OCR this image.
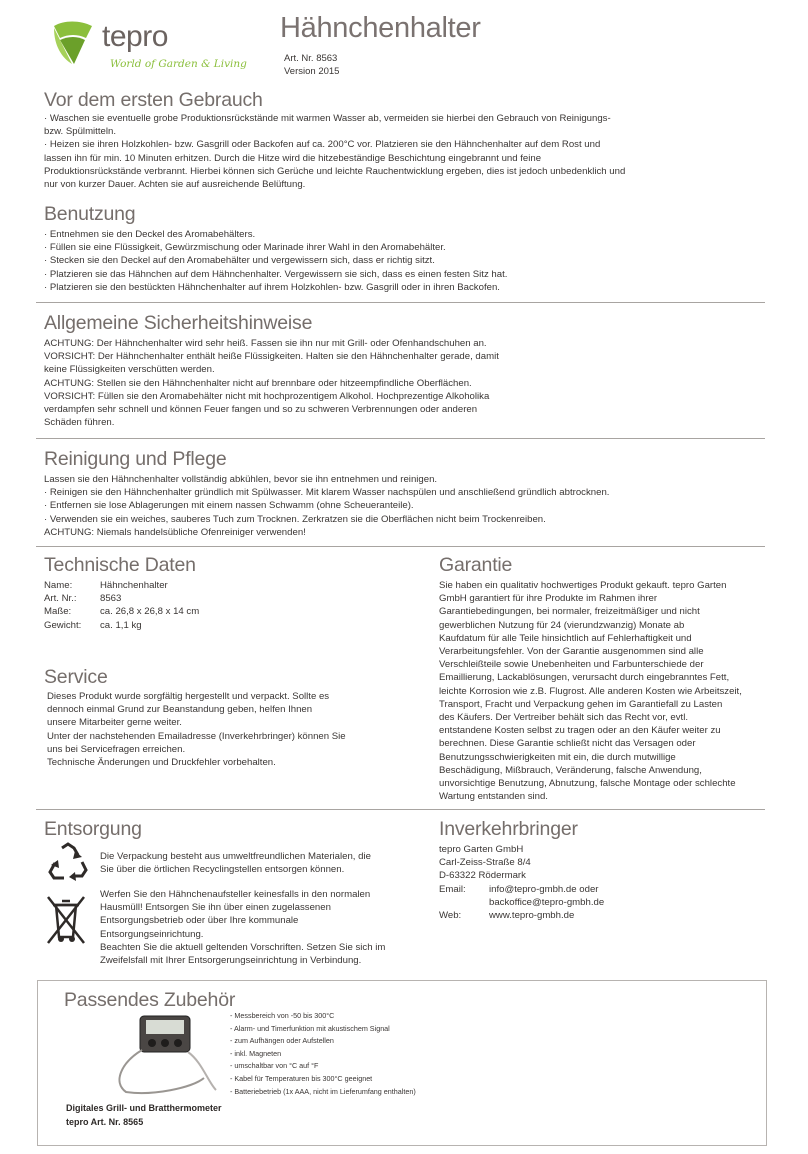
tepro
World of Garden & Living
Hähnchenhalter
Art. Nr. 8563
Version 2015
Vor dem ersten Gebrauch
· Waschen sie eventuelle grobe Produktionsrückstände mit warmen Wasser ab, vermeiden sie hierbei den Gebrauch von Reinigungs-
bzw. Spülmitteln.
· Heizen sie ihren Holzkohlen- bzw. Gasgrill oder Backofen auf ca. 200°C vor. Platzieren sie den Hähnchenhalter auf dem Rost und
lassen ihn für min. 10 Minuten erhitzen. Durch die Hitze wird die hitzebeständige Beschichtung eingebrannt und feine
Produktionsrückstände verbrannt. Hierbei können sich Gerüche und leichte Rauchentwicklung ergeben, dies ist jedoch unbedenklich und
nur von kurzer Dauer. Achten sie auf ausreichende Belüftung.
Benutzung
· Entnehmen sie den Deckel des Aromabehälters.
· Füllen sie eine Flüssigkeit, Gewürzmischung oder Marinade ihrer Wahl in den Aromabehälter.
· Stecken sie den Deckel auf den Aromabehälter und vergewissern sich, dass er richtig sitzt.
· Platzieren sie das Hähnchen auf dem Hähnchenhalter. Vergewissern sie sich, dass es einen festen Sitz hat.
· Platzieren sie den bestückten Hähnchenhalter auf ihrem Holzkohlen- bzw. Gasgrill oder in ihren Backofen.
Allgemeine Sicherheitshinweise
ACHTUNG: Der Hähnchenhalter wird sehr heiß. Fassen sie ihn nur mit Grill- oder Ofenhandschuhen an.
VORSICHT: Der Hähnchenhalter enthält heiße Flüssigkeiten. Halten sie den Hähnchenhalter gerade, damit
keine Flüssigkeiten verschütten werden.
ACHTUNG: Stellen sie den Hähnchenhalter nicht auf brennbare oder hitzeempfindliche Oberflächen.
VORSICHT: Füllen sie den Aromabehälter nicht mit hochprozentigem Alkohol. Hochprezentige Alkoholika
verdampfen sehr schnell und können Feuer fangen und so zu schweren Verbrennungen oder anderen
Schäden führen.
Reinigung und Pflege
Lassen sie den Hähnchenhalter vollständig abkühlen, bevor sie ihn entnehmen und reinigen.
· Reinigen sie den Hähnchenhalter gründlich mit Spülwasser. Mit klarem Wasser nachspülen und anschließend gründlich abtrocknen.
· Entfernen sie lose Ablagerungen mit einem nassen Schwamm (ohne Scheueranteile).
· Verwenden sie ein weiches, sauberes Tuch zum Trocknen. Zerkratzen sie die Oberflächen nicht beim Trockenreiben.
ACHTUNG: Niemals handelsübliche Ofenreiniger verwenden!
Technische Daten
Name:	Hähnchenhalter
Art. Nr.: 8563
Maße:	ca. 26,8 x 26,8 x 14 cm
Gewicht: ca. 1,1 kg
Garantie
Sie haben ein qualitativ hochwertiges Produkt gekauft. tepro Garten
GmbH garantiert für ihre Produkte im Rahmen ihrer
Garantiebedingungen, bei normaler, freizeitmäßiger und nicht
gewerblichen Nutzung für 24 (vierundzwanzig) Monate ab
Kaufdatum für alle Teile hinsichtlich auf Fehlerhaftigkeit und
Verarbeitungsfehler. Von der Garantie ausgenommen sind alle
Verschleißteile sowie Unebenheiten und Farbunterschiede der
Emaillierung, Lackablösungen, verursacht durch eingebranntes Fett,
leichte Korrosion wie z.B. Flugrost. Alle anderen Kosten wie Arbeitszeit,
Transport, Fracht und Verpackung gehen im Garantiefall zu Lasten
des Käufers. Der Vertreiber behält sich das Recht vor, evtl.
entstandene Kosten selbst zu tragen oder an den Käufer weiter zu
berechnen. Diese Garantie schließt nicht das Versagen oder
Benutzungsschwierigkeiten mit ein, die durch mutwillige
Beschädigung, Mißbrauch, Veränderung, falsche Anwendung,
unvorsichtige Benutzung, Abnutzung, falsche Montage oder schlechte
Wartung entstanden sind.
Service
Dieses Produkt wurde sorgfältig hergestellt und verpackt. Sollte es
dennoch einmal Grund zur Beanstandung geben, helfen Ihnen
unsere Mitarbeiter gerne weiter.
Unter der nachstehenden Emailadresse (Inverkehrbringer) können Sie
uns bei Servicefragen erreichen.
Technische Änderungen und Druckfehler vorbehalten.
Entsorgung
Die Verpackung besteht aus umweltfreundlichen Materialen, die
Sie über die örtlichen Recyclingstellen entsorgen können.
Werfen Sie den Hähnchenaufsteller keinesfalls in den normalen
Hausmüll! Entsorgen Sie ihn über einen zugelassenen
Entsorgungsbetrieb oder über Ihre kommunale
Entsorgungseinrichtung.
Beachten Sie die aktuell geltenden Vorschriften. Setzen Sie sich im
Zweifelsfall mit Ihrer Entsorgerungseinrichtung in Verbindung.
Inverkehrbringer
tepro Garten GmbH
Carl-Zeiss-Straße 8/4
D-63322 Rödermark
Email: info@tepro-gmbh.de oder
backoffice@tepro-gmbh.de
Web:	www.tepro-gmbh.de
Passendes Zubehör
- Messbereich von -50 bis 300°C
- Alarm- und Timerfunktion mit akustischem Signal
- zum Aufhängen oder Aufstellen
- inkl. Magneten
- umschaltbar von °C auf °F
- Kabel für Temperaturen bis 300°C geeignet
- Batteriebetrieb (1x AAA, nicht im Lieferumfang enthalten)
Digitales Grill- und Bratthermometer
tepro Art. Nr. 8565
